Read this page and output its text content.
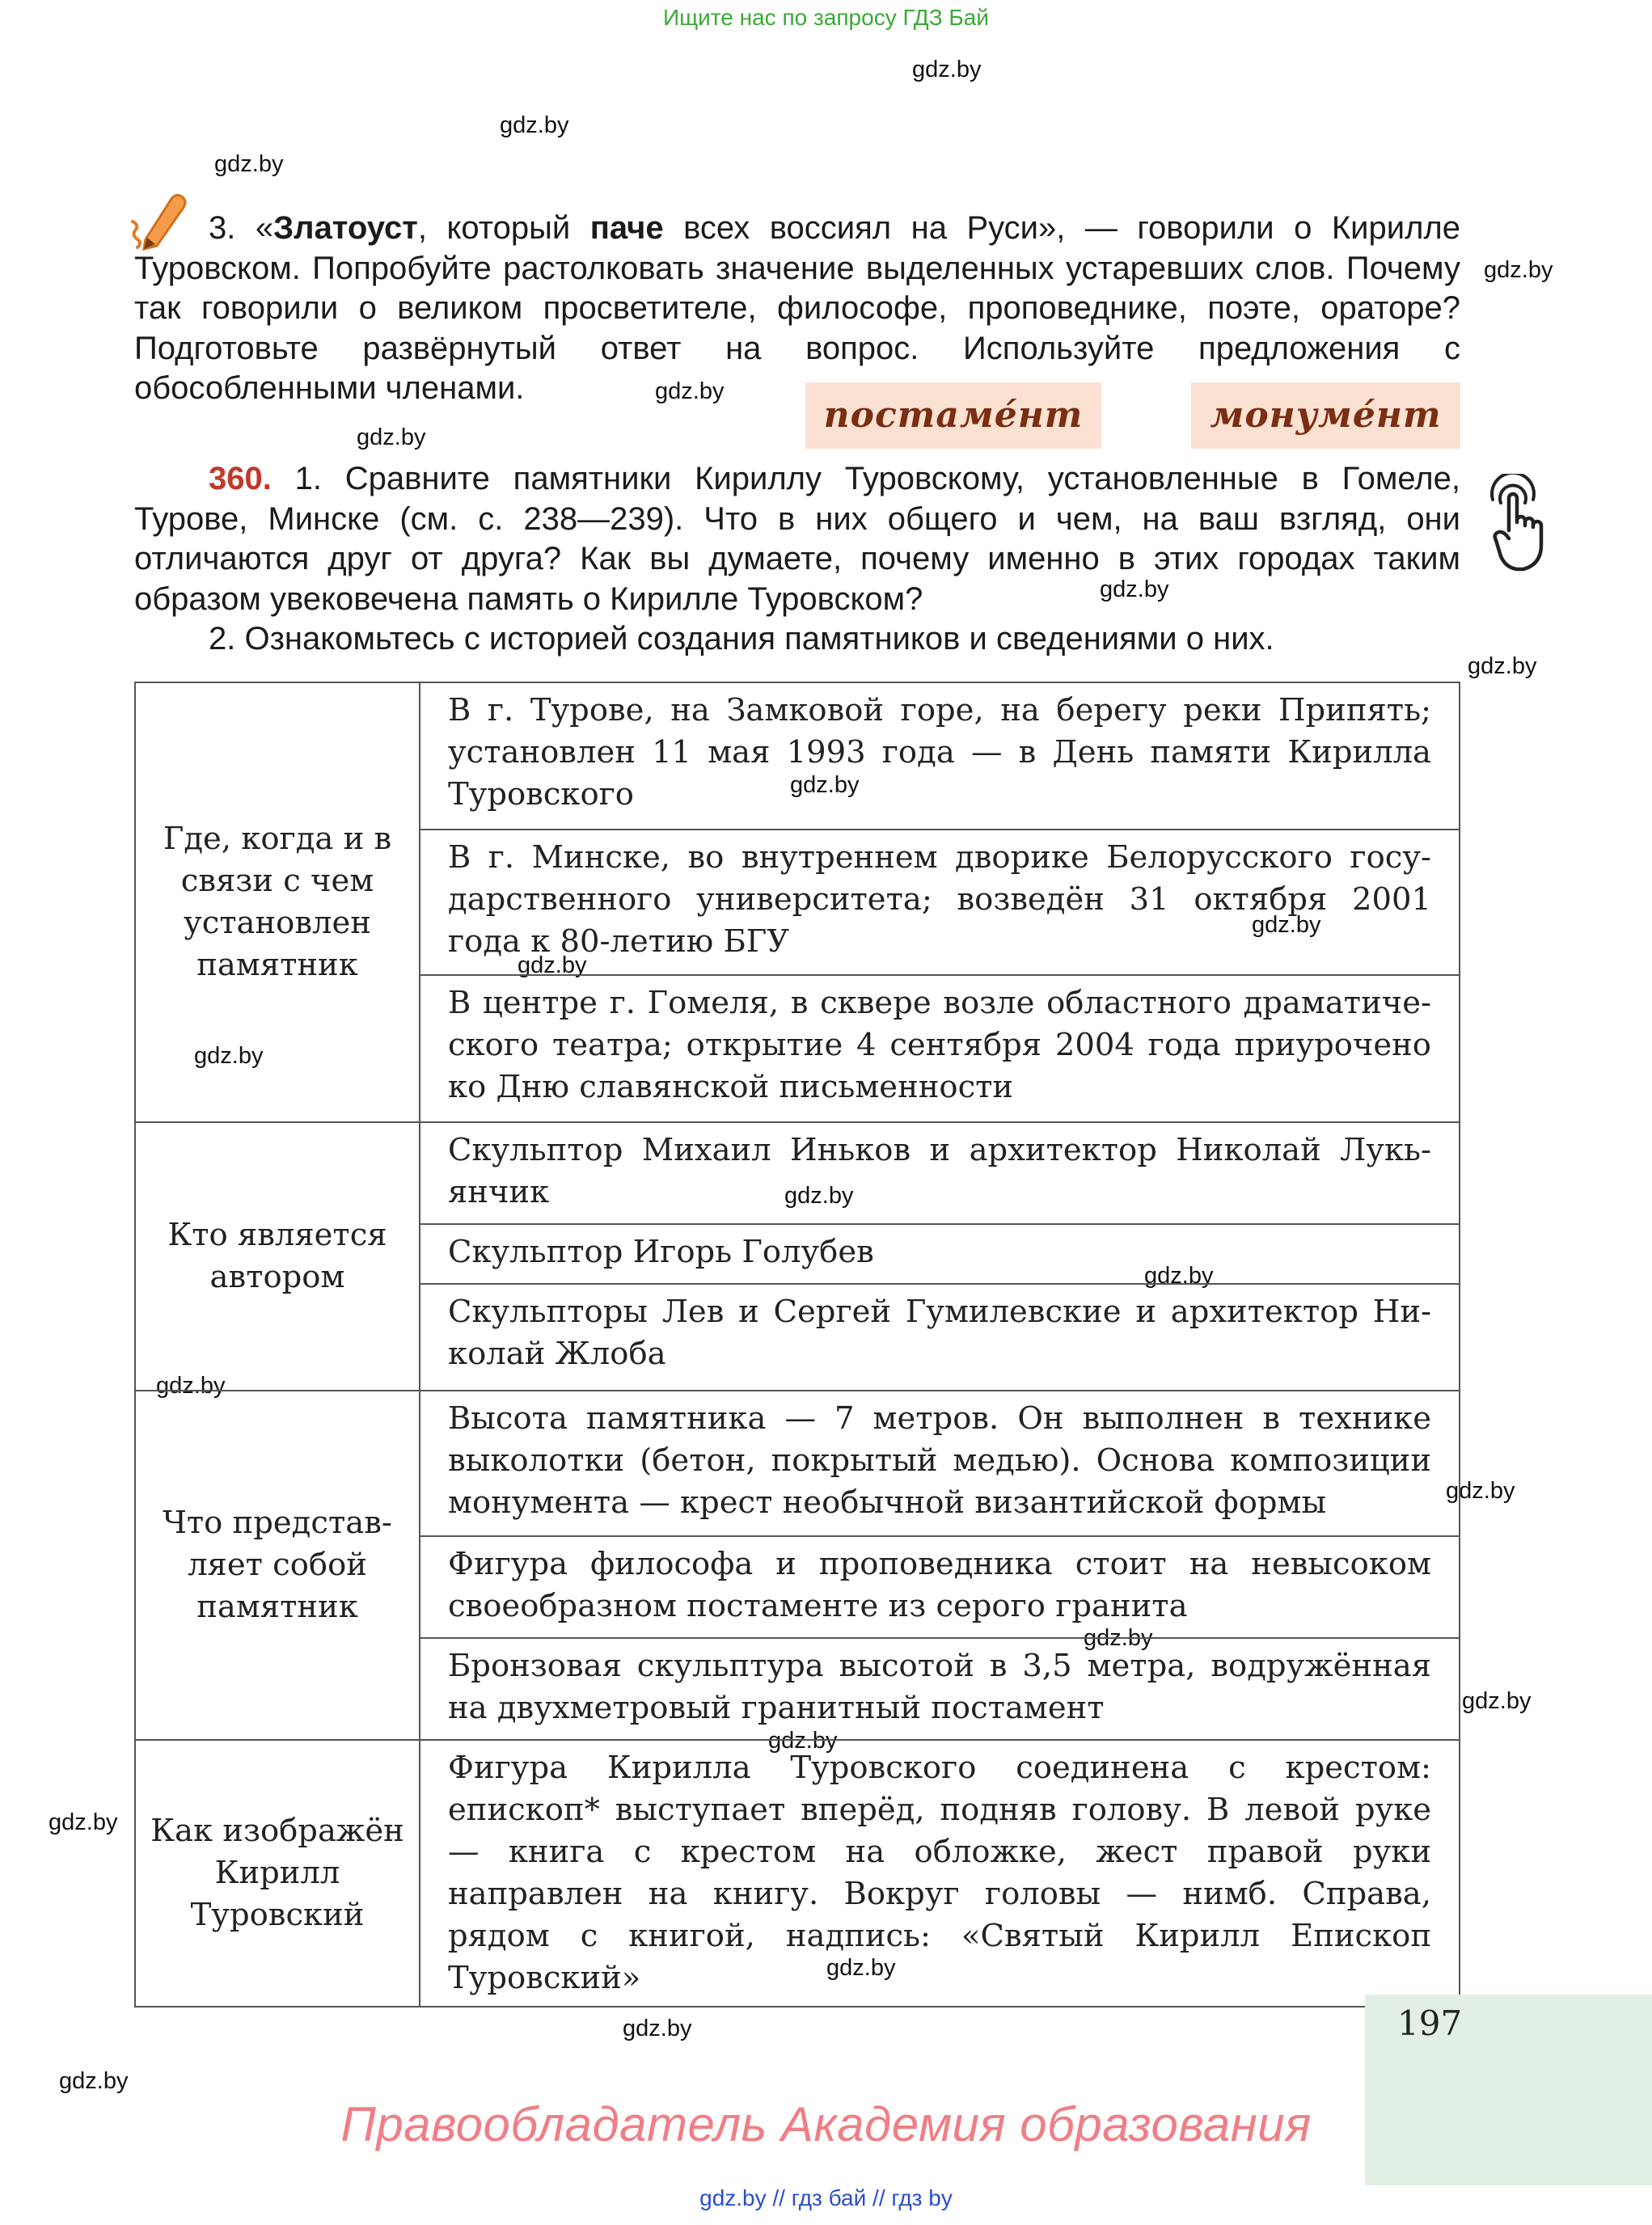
Ищите нас по запросу ГДЗ Бай
gdz.by
gdz.by
gdz.by
gdz.by
gdz.by
gdz.by
gdz.by
gdz.by
gdz.by
gdz.by
gdz.by
gdz.by
gdz.by
gdz.by
gdz.by
gdz.by
gdz.by
gdz.by
gdz.by
gdz.by
gdz.by
gdz.by
gdz.by
3. «Златоуст, который паче всех воссиял на Руси», — говорили о Кирилле Туровском. Попробуйте растолковать значение выделенных устаревших слов. Почему так говорили о великом просветителе, философе, проповеднике, поэте, ораторе? Подготовьте развёрнутый ответ на вопрос. Используйте предложения с обособленными членами.
постаме́нт	монуме́нт
360. 1. Сравните памятники Кириллу Туровскому, установленные в Гомеле, Турове, Минске (см. с. 238—239). Что в них общего и чем, на ваш взгляд, они отличаются друг от друга? Как вы думаете, почему именно в этих городах таким образом увековечена память о Кирилле Туровском?
2. Ознакомьтесь с историей создания памятников и сведениями о них.
Где, когда и в связи с чем установлен памятник	В г. Турове, на Замковой горе, на берегу реки Припять; установлен 11 мая 1993 года — в День памяти Кирилла Туровского
	В г. Минске, во внутреннем дворике Белорусского госу-дарственного университета; возведён 31 октября 2001 года к 80-летию БГУ
	В центре г. Гомеля, в сквере возле областного драматиче-ского театра; открытие 4 сентября 2004 года приурочено ко Дню славянской письменности
Кто является автором	Скульптор Михаил Иньков и архитектор Николай Лукь-янчик
	Скульптор Игорь Голубев
	Скульпторы Лев и Сергей Гумилевские и архитектор Ни-колай Жлоба
Что представ-ляет собой памятник	Высота памятника — 7 метров. Он выполнен в технике выколотки (бетон, покрытый медью). Основа композиции монумента — крест необычной византийской формы
	Фигура философа и проповедника стоит на невысоком своеобразном постаменте из серого гранита
	Бронзовая скульптура высотой в 3,5 метра, водружённая на двухметровый гранитный постамент
Как изображён Кирилл Туровский	Фигура Кирилла Туровского соединена с крестом: епископ* выступает вперёд, подняв голову. В левой руке — книга с крестом на обложке, жест правой руки направлен на книгу. Вокруг головы — нимб. Справа, рядом с книгой, надпись: «Святый Кирилл Епископ Туровский»
197
Правообладатель Академия образования
gdz.by // гдз бай // гдз by
